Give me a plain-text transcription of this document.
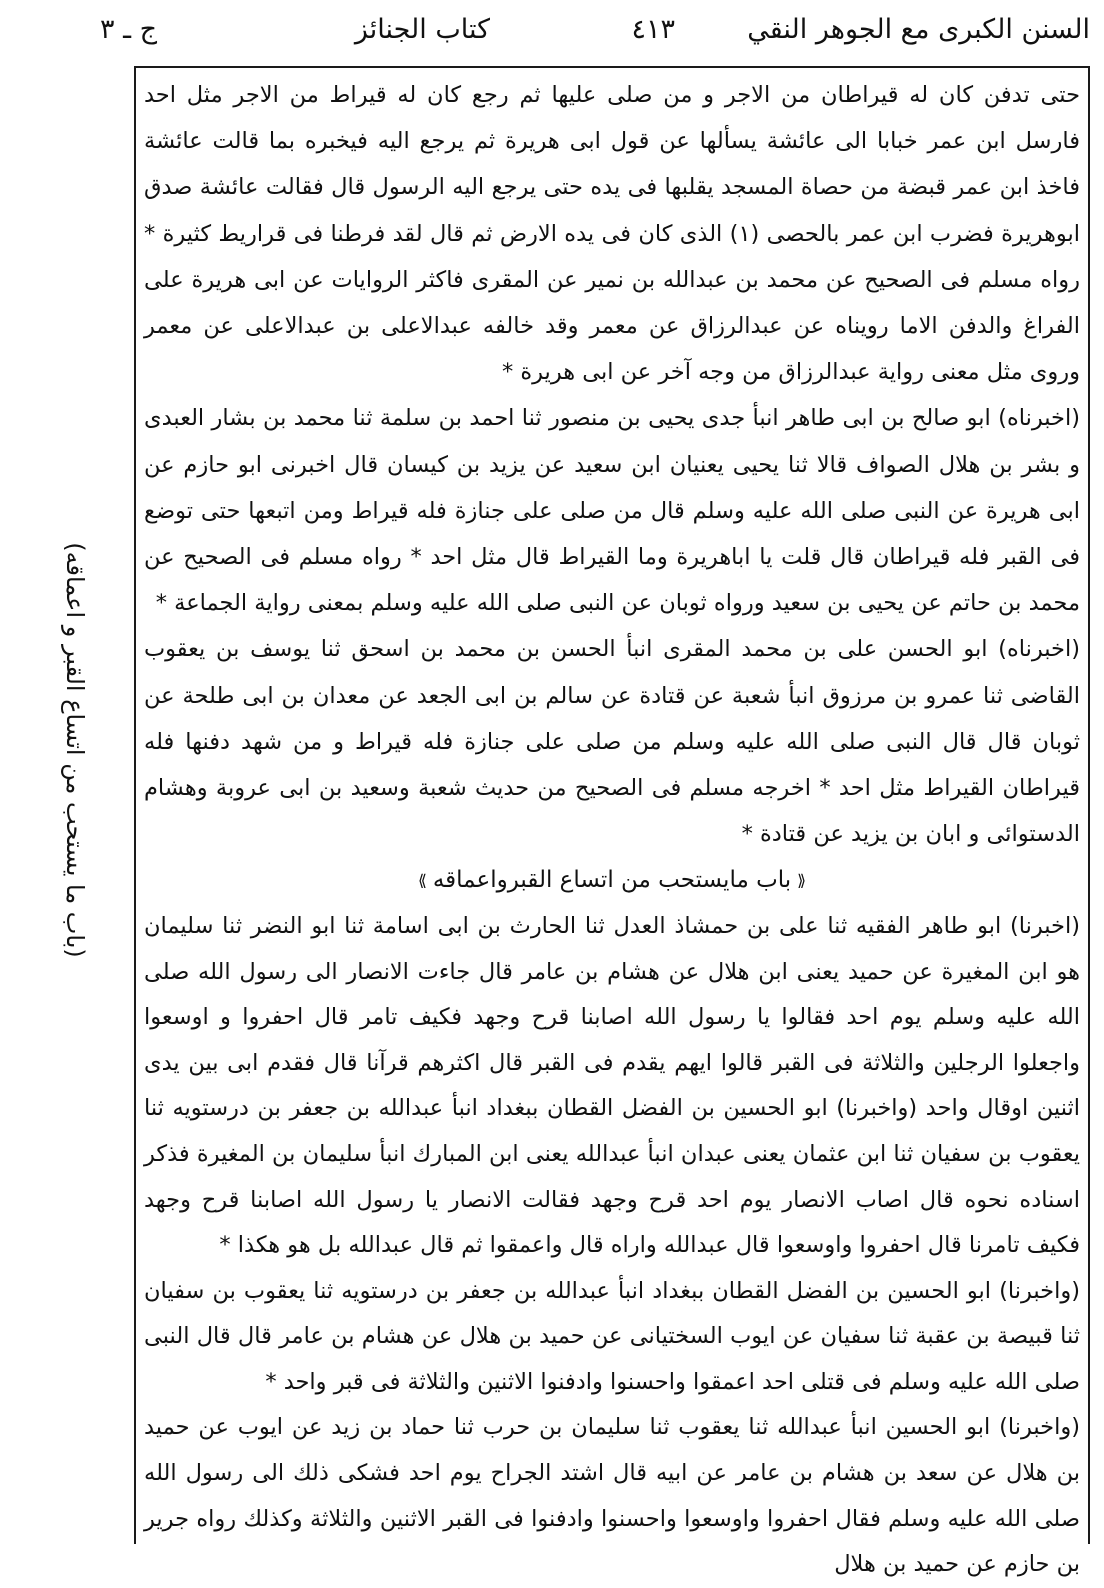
السنن الكبرى مع الجوهر النقي
٤١٣
كتاب الجنائز
ج ـ ٣
(باب ما يستحب من اتساع القبر و اعماقه)

حتى تدفن كان له قيراطان من الاجر و من صلى عليها ثم رجع كان له قيراط من الاجر مثل احد فارسل ابن عمر خبابا الى عائشة يسألها عن قول ابى هريرة ثم يرجع اليه فيخبره بما قالت عائشة فاخذ ابن عمر قبضة من حصاة المسجد يقلبها فى يده حتى يرجع اليه الرسول قال فقالت عائشة صدق ابوهريرة فضرب ابن عمر بالحصى (١) الذى كان فى يده الارض ثم قال لقد فرطنا فى قراريط كثيرة * رواه مسلم فى الصحيح عن محمد بن عبدالله بن نمير عن المقرى فاكثر الروايات عن ابى هريرة على الفراغ والدفن الاما رويناه عن عبدالرزاق عن معمر وقد خالفه عبدالاعلى بن عبدالاعلى عن معمر وروى مثل معنى رواية عبدالرزاق من وجه آخر عن ابى هريرة *

(اخبرناه) ابو صالح بن ابى طاهر انبأ جدى يحيى بن منصور ثنا احمد بن سلمة ثنا محمد بن بشار العبدى و بشر بن هلال الصواف قالا ثنا يحيى يعنيان ابن سعيد عن يزيد بن كيسان قال اخبرنى ابو حازم عن ابى هريرة عن النبى صلى الله عليه وسلم قال من صلى على جنازة فله قيراط ومن اتبعها حتى توضع فى القبر فله قيراطان قال قلت يا اباهريرة وما القيراط قال مثل احد * رواه مسلم فى الصحيح عن محمد بن حاتم عن يحيى بن سعيد ورواه ثوبان عن النبى صلى الله عليه وسلم بمعنى رواية الجماعة *

(اخبرناه) ابو الحسن على بن محمد المقرى انبأ الحسن بن محمد بن اسحق ثنا يوسف بن يعقوب القاضى ثنا عمرو بن مرزوق انبأ شعبة عن قتادة عن سالم بن ابى الجعد عن معدان بن ابى طلحة عن ثوبان قال قال النبى صلى الله عليه وسلم من صلى على جنازة فله قيراط و من شهد دفنها فله قيراطان القيراط مثل احد * اخرجه مسلم فى الصحيح من حديث شعبة وسعيد بن ابى عروبة وهشام الدستوائى و ابان بن يزيد عن قتادة *

⟪باب مايستحب من اتساع القبرواعماقه⟫

(اخبرنا) ابو طاهر الفقيه ثنا على بن حمشاذ العدل ثنا الحارث بن ابى اسامة ثنا ابو النضر ثنا سليمان هو ابن المغيرة عن حميد يعنى ابن هلال عن هشام بن عامر قال جاءت الانصار الى رسول الله صلى الله عليه وسلم يوم احد فقالوا يا رسول الله اصابنا قرح وجهد فكيف تامر قال احفروا و اوسعوا واجعلوا الرجلين والثلاثة فى القبر قالوا ايهم يقدم فى القبر قال اكثرهم قرآنا قال فقدم ابى بين يدى اثنين اوقال واحد (واخبرنا) ابو الحسين بن الفضل القطان ببغداد انبأ عبدالله بن جعفر بن درستويه ثنا يعقوب بن سفيان ثنا ابن عثمان يعنى عبدان انبأ عبدالله يعنى ابن المبارك انبأ سليمان بن المغيرة فذكر اسناده نحوه قال اصاب الانصار يوم احد قرح وجهد فقالت الانصار يا رسول الله اصابنا قرح وجهد فكيف تامرنا قال احفروا واوسعوا قال عبدالله واراه قال واعمقوا ثم قال عبدالله بل هو هكذا *

(واخبرنا) ابو الحسين بن الفضل القطان ببغداد انبأ عبدالله بن جعفر بن درستويه ثنا يعقوب بن سفيان ثنا قبيصة بن عقبة ثنا سفيان عن ايوب السختيانى عن حميد بن هلال عن هشام بن عامر قال قال النبى صلى الله عليه وسلم فى قتلى احد اعمقوا واحسنوا وادفنوا الاثنين والثلاثة فى قبر واحد *

(واخبرنا) ابو الحسين انبأ عبدالله ثنا يعقوب ثنا سليمان بن حرب ثنا حماد بن زيد عن ايوب عن حميد بن هلال عن سعد بن هشام بن عامر عن ابيه قال اشتد الجراح يوم احد فشكى ذلك الى رسول الله صلى الله عليه وسلم فقال احفروا واوسعوا واحسنوا وادفنوا فى القبر الاثنين والثلاثة وكذلك رواه جرير بن حازم عن حميد بن هلال
